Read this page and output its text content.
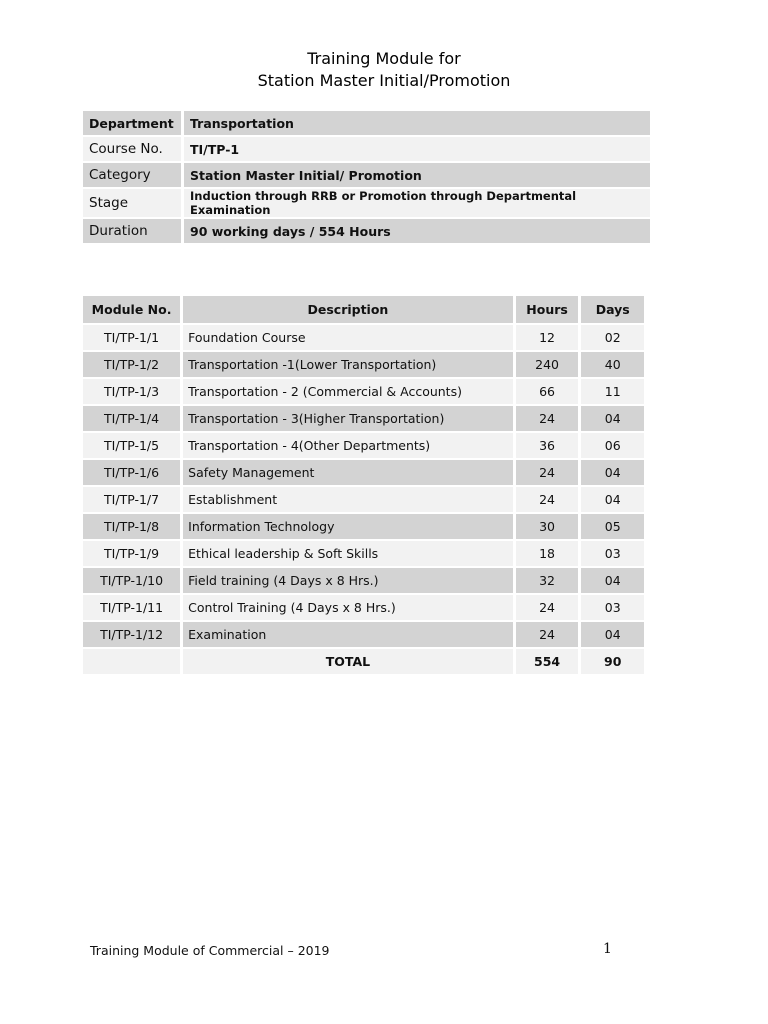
Training Module for
Station Master Initial/Promotion
Department	Transportation
Course No.	TI/TP-1
Category	Station Master Initial/ Promotion
Stage	Induction through RRB or Promotion through Departmental Examination
Duration	90 working days / 554 Hours
Module No.	Description	Hours	Days
TI/TP-1/1	Foundation Course	12	02
TI/TP-1/2	Transportation -1(Lower Transportation)	240	40
TI/TP-1/3	Transportation - 2 (Commercial & Accounts)	66	11
TI/TP-1/4	Transportation - 3(Higher Transportation)	24	04
TI/TP-1/5	Transportation - 4(Other Departments)	36	06
TI/TP-1/6	Safety Management	24	04
TI/TP-1/7	Establishment	24	04
TI/TP-1/8	Information Technology	30	05
TI/TP-1/9	Ethical leadership & Soft Skills	18	03
TI/TP-1/10	Field training (4 Days x 8 Hrs.)	32	04
TI/TP-1/11	Control Training (4 Days x 8 Hrs.)	24	03
TI/TP-1/12	Examination	24	04
	TOTAL	554	90
Training Module of Commercial – 2019	1
